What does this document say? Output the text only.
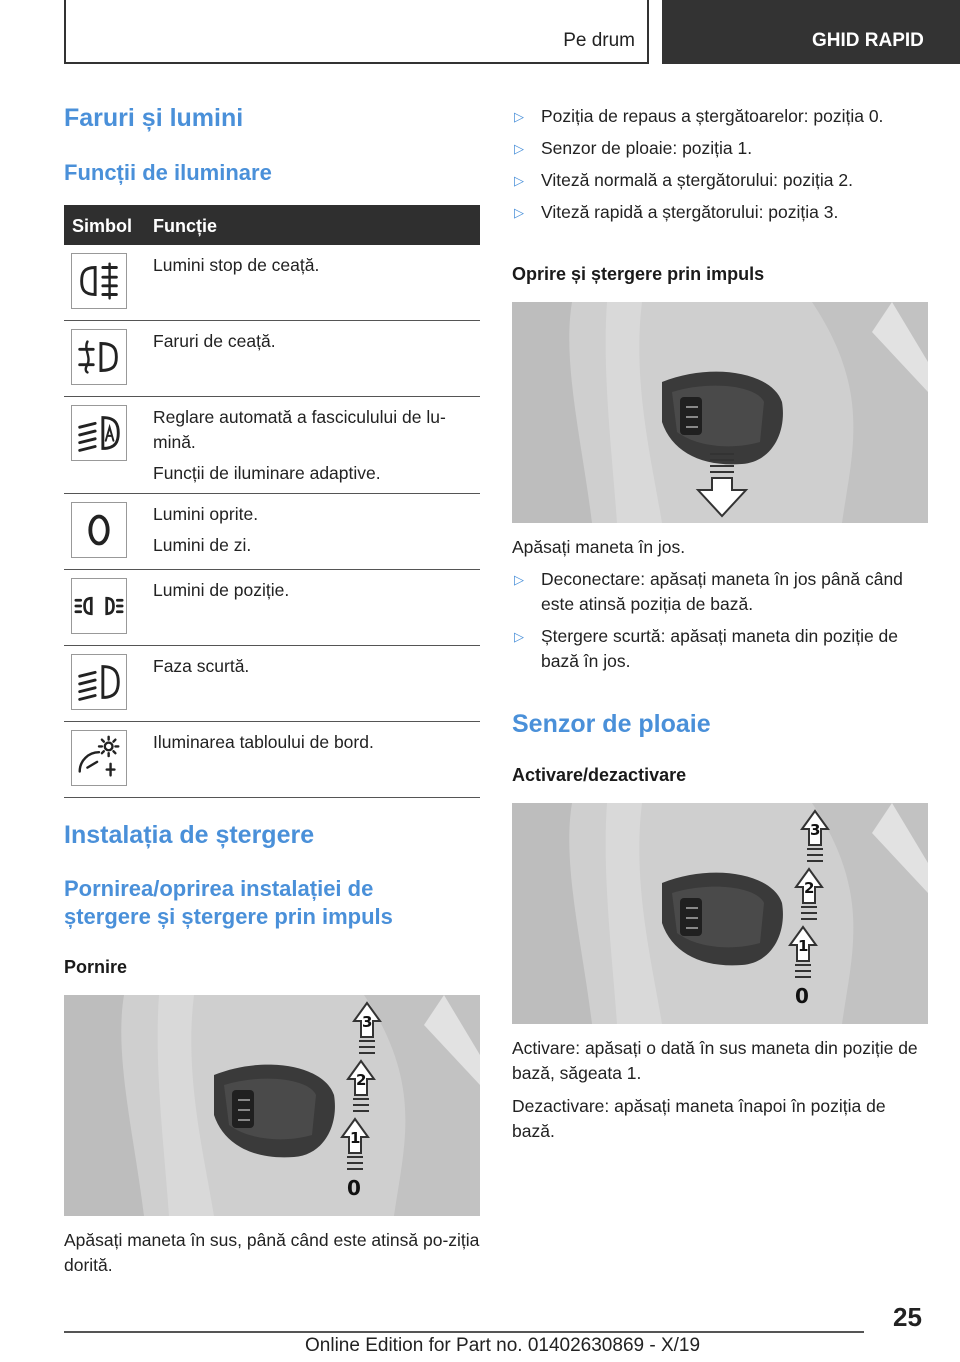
Pe drum	GHID RAPID
Faruri și lumini
Funcții de iluminare
Simbol Funcție

Lumini stop de ceață.

Faruri de ceață.

Reglare automată a fasciculului de lu-mină.

Funcții de iluminare adaptive.

Lumini oprite.

Lumini de zi.

Lumini de poziție.

Faza scurtă.

Iluminarea tabloului de bord.

Instalația de ștergere
Pornirea/oprirea instalației de ștergere și ștergere prin impuls
Pornire
3
2
1
0
Apăsați maneta în sus, până când este atinsă po-ziția dorită.
▷ Poziția de repaus a ștergătoarelor: poziția 0.
▷ Senzor de ploaie: poziția 1.
▷ Viteză normală a ștergătorului: poziția 2.
▷ Viteză rapidă a ștergătorului: poziția 3.
Oprire și ștergere prin impuls
Apăsați maneta în jos.
▷ Deconectare: apăsați maneta în jos până când este atinsă poziția de bază.
▷ Ștergere scurtă: apăsați maneta din poziție de bază în jos.
Senzor de ploaie
Activare/dezactivare
3
2
1
0
Activare: apăsați o dată în sus maneta din poziție de bază, săgeata 1.
Dezactivare: apăsați maneta înapoi în poziția de bază.
25
Online Edition for Part no. 01402630869 - X/19
